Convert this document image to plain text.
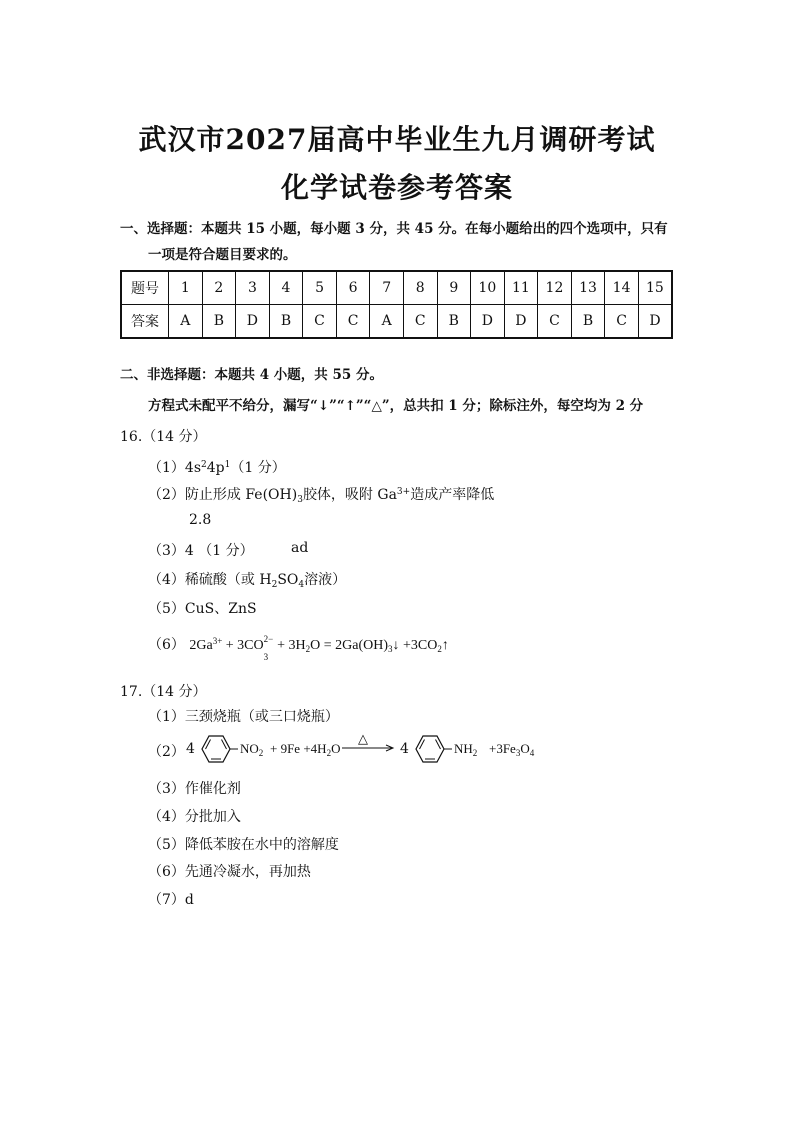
武汉市2027届高中毕业生九月调研考试
化学试卷参考答案
一、选择题：本题共 15 小题，每小题 3 分，共 45 分。在每小题给出的四个选项中，只有
一项是符合题目要求的。
题号	1	2	3	4	5	6	7	8	9	10	11	12	13	14	15
答案	A	B	D	B	C	C	A	C	B	D	D	C	B	C	D
二、非选择题：本题共 4 小题，共 55 分。
方程式未配平不给分，漏写“↓”“↑”“△”，总共扣 1 分；除标注外，每空均为 2 分
16.（14 分）
$(1)4s^24p^1(1$ 分）
（2）防止形成 $Fe(OH)_3$胶体，吸附 $Ga^{3+}$造成产率降低
2.8
（3）4 （1 分）	ad
（4）稀硫酸（或 $H_2SO_4$溶液）
（5）CuS、ZnS
（6） $2Ga^{3+} + 3CO$ 2−
3
+ $3H_2O$ = $2Ga(OH)_3↓$ $+3CO_2↑$
17.（14 分）
（1）三颈烧瓶（或三口烧瓶）
（2） 4	$NO_2 + 9Fe +4H_2O$
△
→ 4	$NH_2 +3Fe_3O_4$
（3）作催化剂
（4）分批加入
（5）降低苯胺在水中的溶解度
（6）先通冷凝水，再加热
（7）d
